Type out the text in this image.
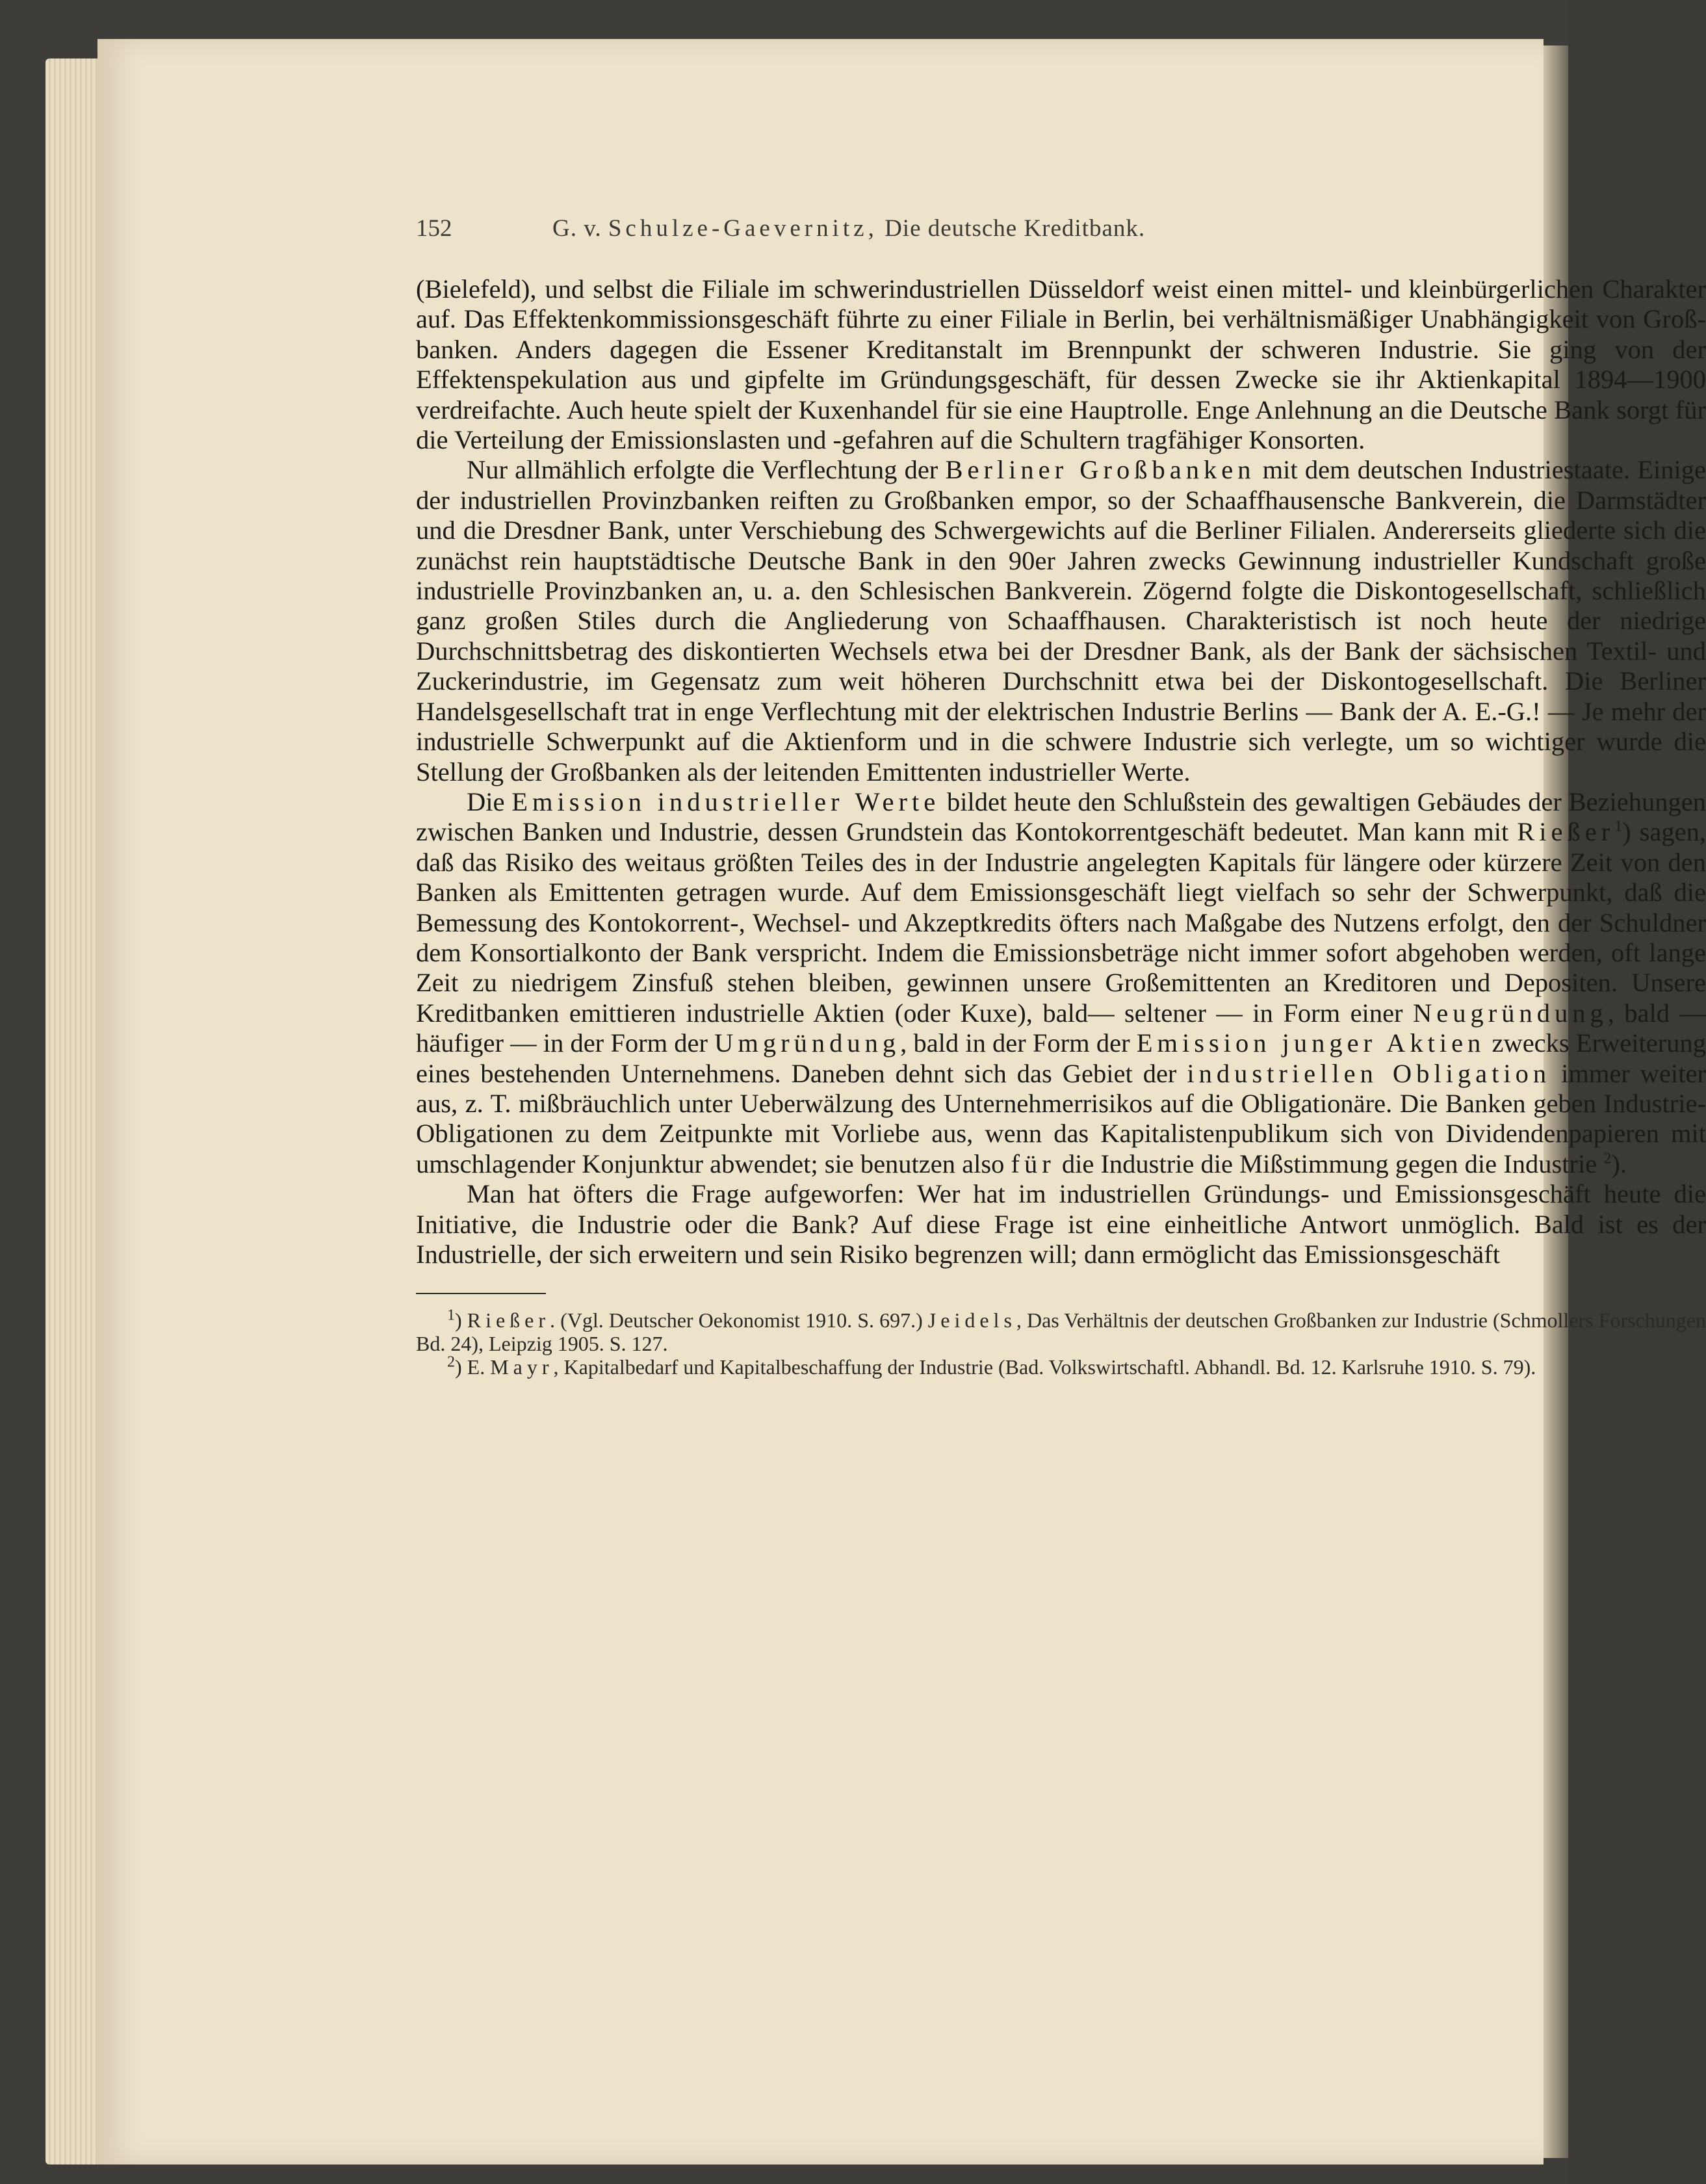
152	G. v. Schulze-Gaevernitz, Die deutsche Kreditbank.	III

(Bielefeld), und selbst die Filiale im schwerindustriellen Düsseldorf weist einen mittel- und kleinbürgerlichen Charakter auf. Das Effektenkommissionsgeschäft führte zu einer Filiale in Berlin, bei verhältnismäßiger Unabhängigkeit von Großbanken. Anders dagegen die Essener Kreditanstalt im Brennpunkt der schweren Industrie. Sie ging von der Effektenspekulation aus und gipfelte im Gründungsgeschäft, für dessen Zwecke sie ihr Aktienkapital 1894—1900 verdreifachte. Auch heute spielt der Kuxenhandel für sie eine Hauptrolle. Enge Anlehnung an die Deutsche Bank sorgt für die Verteilung der Emissionslasten und -gefahren auf die Schultern tragfähiger Konsorten.

Nur allmählich erfolgte die Verflechtung der Berliner Großbanken mit dem deutschen Industriestaate. Einige der industriellen Provinzbanken reiften zu Großbanken empor, so der Schaaffhausensche Bankverein, die Darmstädter und die Dresdner Bank, unter Verschiebung des Schwergewichts auf die Berliner Filialen. Andererseits gliederte sich die zunächst rein hauptstädtische Deutsche Bank in den 90er Jahren zwecks Gewinnung industrieller Kundschaft große industrielle Provinzbanken an, u. a. den Schlesischen Bankverein. Zögernd folgte die Diskontogesellschaft, schließlich ganz großen Stiles durch die Angliederung von Schaaffhausen. Charakteristisch ist noch heute der niedrige Durchschnittsbetrag des diskontierten Wechsels etwa bei der Dresdner Bank, als der Bank der sächsischen Textil- und Zuckerindustrie, im Gegensatz zum weit höheren Durchschnitt etwa bei der Diskontogesellschaft. Die Berliner Handelsgesellschaft trat in enge Verflechtung mit der elektrischen Industrie Berlins — Bank der A. E.-G.! — Je mehr der industrielle Schwerpunkt auf die Aktienform und in die schwere Industrie sich verlegte, um so wichtiger wurde die Stellung der Großbanken als der leitenden Emittenten industrieller Werte.

Die Emission industrieller Werte bildet heute den Schlußstein des gewaltigen Gebäudes der Beziehungen zwischen Banken und Industrie, dessen Grundstein das Kontokorrentgeschäft bedeutet. Man kann mit Rießer$^1$) sagen, daß das Risiko des weitaus größten Teiles des in der Industrie angelegten Kapitals für längere oder kürzere Zeit von den Banken als Emittenten getragen wurde. Auf dem Emissionsgeschäft liegt vielfach so sehr der Schwerpunkt, daß die Bemessung des Kontokorrent-, Wechsel- und Akzeptkredits öfters nach Maßgabe des Nutzens erfolgt, den der Schuldner dem Konsortialkonto der Bank verspricht. Indem die Emissionsbeträge nicht immer sofort abgehoben werden, oft lange Zeit zu niedrigem Zinsfuß stehen bleiben, gewinnen unsere Großemittenten an Kreditoren und Depositen. Unsere Kreditbanken emittieren industrielle Aktien (oder Kuxe), bald— seltener — in Form einer Neugründung, bald — häufiger — in der Form der Umgründung, bald in der Form der Emission junger Aktien zwecks Erweiterung eines bestehenden Unternehmens. Daneben dehnt sich das Gebiet der industriellen Obligation immer weiter aus, z. T. mißbräuchlich unter Ueberwälzung des Unternehmerrisikos auf die Obligationäre. Die Banken geben Industrie-Obligationen zu dem Zeitpunkte mit Vorliebe aus, wenn das Kapitalistenpublikum sich von Dividendenpapieren mit umschlagender Konjunktur abwendet; sie benutzen also für die Industrie die Mißstimmung gegen die Industrie $^2$).

Man hat öfters die Frage aufgeworfen: Wer hat im industriellen Gründungs- und Emissionsgeschäft heute die Initiative, die Industrie oder die Bank? Auf diese Frage ist eine einheitliche Antwort unmöglich. Bald ist es der Industrielle, der sich erweitern und sein Risiko begrenzen will; dann ermöglicht das Emissionsgeschäft

$^1$) Rießer. (Vgl. Deutscher Oekonomist 1910. S. 697.) Jeidels, Das Verhältnis der deutschen Großbanken zur Industrie (Schmollers Forschungen Bd. 24), Leipzig 1905. S. 127.

$^2$) E. Mayr, Kapitalbedarf und Kapitalbeschaffung der Industrie (Bad. Volkswirtschaftl. Abhandl. Bd. 12. Karlsruhe 1910. S. 79).
